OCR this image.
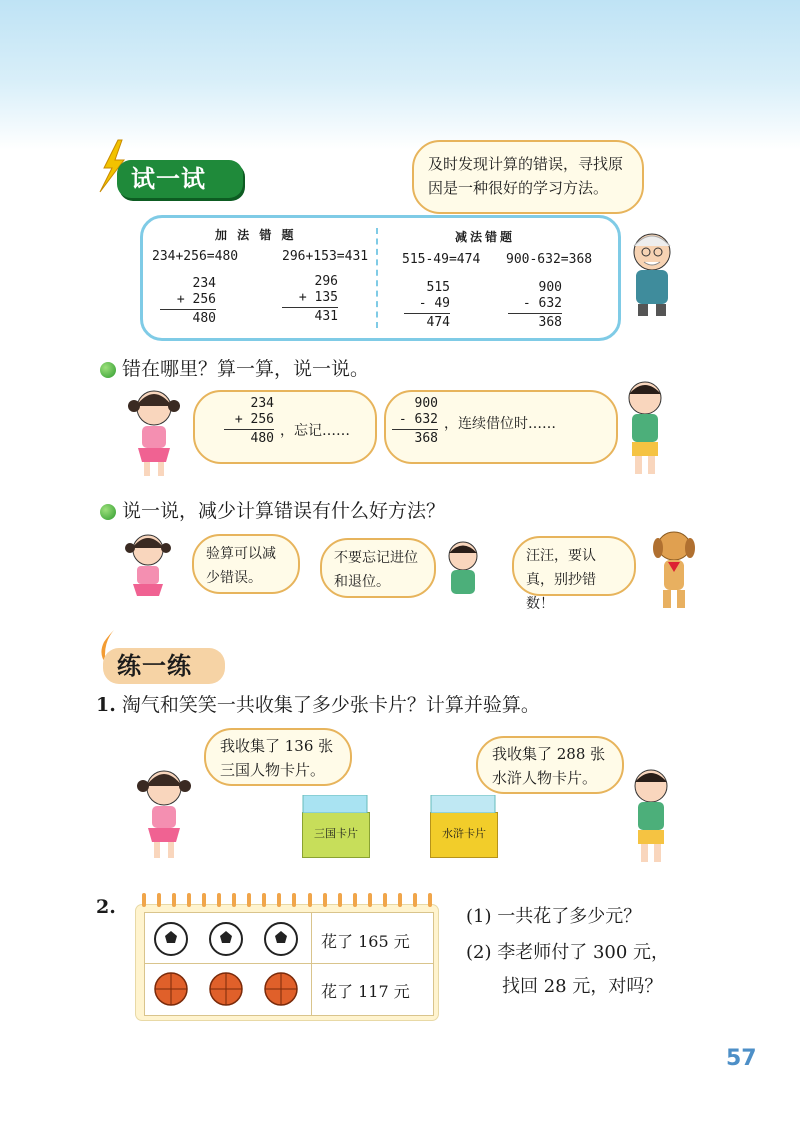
试一试
及时发现计算的错误，寻找原因是一种很好的学习方法。
加 法 错 题	减法错题
234+256=480	296+153=431	515-49=474 900-632=368
234
+ 256
480
296
+ 135
431
515
- 49
474
900
- 632
368
错在哪里？算一算，说一说。
234
+ 256
480 ，忘记……
900
- 632
368
，连续借位时……
说一说，减少计算错误有什么好方法？
验算可以减少错误。
不要忘记进位和退位。
汪汪，要认真，别抄错数！
练一练
1. 淘气和笑笑一共收集了多少张卡片？计算并验算。
我收集了 136 张三国人物卡片。
我收集了 288 张水浒人物卡片。
三国卡片	水浒卡片
2.
花了 165 元
花了 117 元
(1) 一共花了多少元？
(2) 李老师付了 300 元，
找回 28 元，对吗？
57
